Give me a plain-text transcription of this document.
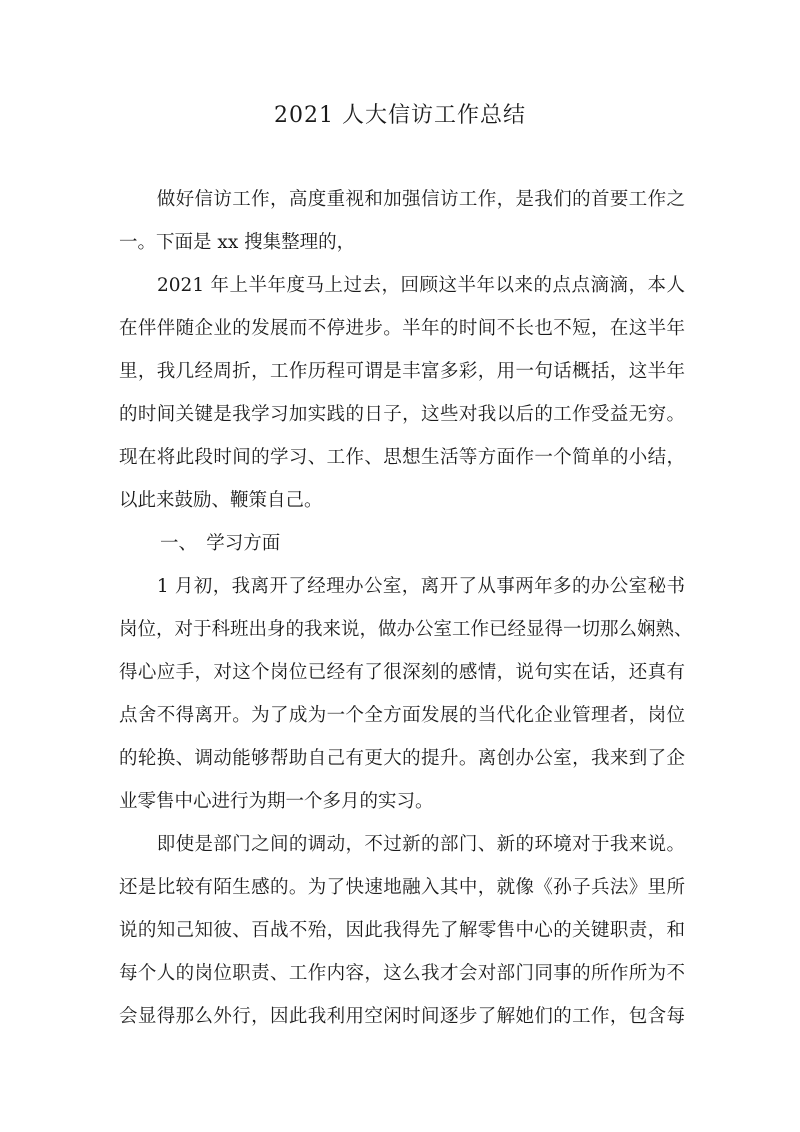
2021 人大信访工作总结
　　做好信访工作，高度重视和加强信访工作，是我们的首要工作之
一。下面是 xx 搜集整理的，
　　2021 年上半年度马上过去，回顾这半年以来的点点滴滴，本人
在伴伴随企业的发展而不停进步。半年的时间不长也不短，在这半年
里，我几经周折，工作历程可谓是丰富多彩，用一句话概括，这半年
的时间关键是我学习加实践的日子，这些对我以后的工作受益无穷。
现在将此段时间的学习、工作、思想生活等方面作一个简单的小结，
以此来鼓励、鞭策自己。
一、　学习方面
　　1 月初，我离开了经理办公室，离开了从事两年多的办公室秘书
岗位，对于科班出身的我来说，做办公室工作已经显得一切那么娴熟、
得心应手，对这个岗位已经有了很深刻的感情，说句实在话，还真有
点舍不得离开。为了成为一个全方面发展的当代化企业管理者，岗位
的轮换、调动能够帮助自己有更大的提升。离创办公室，我来到了企
业零售中心进行为期一个多月的实习。
　　即使是部门之间的调动，不过新的部门、新的环境对于我来说。
还是比较有陌生感的。为了快速地融入其中，就像《孙子兵法》里所
说的知己知彼、百战不殆，因此我得先了解零售中心的关键职责，和
每个人的岗位职责、工作内容，这么我才会对部门同事的所作所为不
会显得那么外行，因此我利用空闲时间逐步了解她们的工作，包含每
